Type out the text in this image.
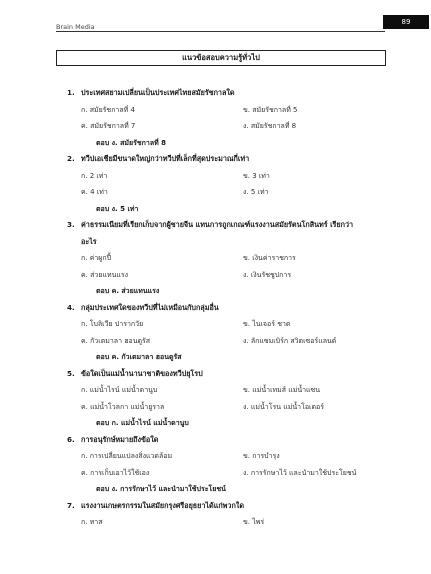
Brain Media
89
แนวข้อสอบความรู้ทั่วไป
1. ประเทศสยามเปลี่ยนเป็นประเทศไทยสมัยรัชกาลใด
ก. สมัยรัชกาลที่ 4	ข. สมัยรัชกาลที่ 5
ค. สมัยรัชกาลที่ 7	ง. สมัยรัชกาลที่ 8
ตอบ ง. สมัยรัชกาลที่ 8
2. ทวีปเอเชียมีขนาดใหญ่กว่าทวีปที่เล็กที่สุดประมาณกี่เท่า
ก. 2 เท่า	ข. 3 เท่า
ค. 4 เท่า	ง. 5 เท่า
ตอบ ง. 5 เท่า
3. ค่าธรรมเนียมที่เรียกเก็บจากผู้ชายจีน แทนการถูกเกณฑ์แรงงานสมัยรัตนโกสินทร์ เรียกว่า
อะไร
ก. ค่าผูกปี้	ข. เงินค่าราชการ
ค. ส่วยแทนแรง	ง. เงินรัชชูปการ
ตอบ ค. ส่วยแทนแรง
4. กลุ่มประเทศใดของทวีปที่ไม่เหมือนกับกลุ่มอื่น
ก. โบลิเวีย ปารากวัย	ข. ไนเจอร์ ชาด
ค. กัวเตมาลา ฮอนดูรัส	ง. ลักแซมเบิร์ก สวิตเซอร์แลนด์
ตอบ ค. กัวเตมาลา ฮอนดูรัส
5. ข้อใดเป็นแม่น้ำนานาชาติของทวีปยุโรป
ก. แม่น้ำไรน์ แม่น้ำดานูบ	ข. แม่น้ำเทมส์ แม่น้ำแซน
ค. แม่น้ำโวลกา แม่น้ำยูราล	ง. แม่น้ำโรน แม่น้ำโอเดอร์
ตอบ ก. แม่น้ำไรน์ แม่น้ำดานูบ
6. การอนุรักษ์หมายถึงข้อใด
ก. การเปลี่ยนแปลงสิ่งแวดล้อม	ข. การบำรุง
ค. การเก็บเอาไว้ใช้เอง	ง. การรักษาไว้ และนำมาใช้ประโยชน์
ตอบ ง. การรักษาไว้ และนำมาใช้ประโยชน์
7. แรงงานเกษตรกรรมในสมัยกรุงศรีอยุธยาได้แก่พวกใด
ก. ทาส	ข. ไพร่
